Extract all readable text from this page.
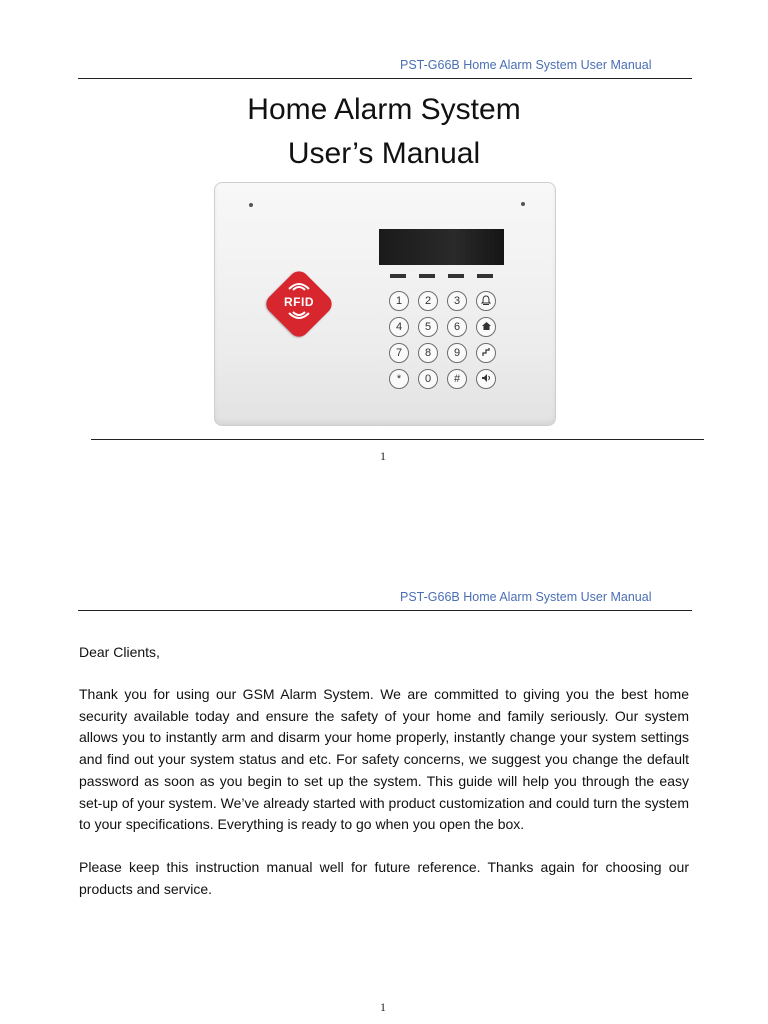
PST-G66B Home Alarm System User Manual
Home Alarm System
User’s Manual
RFID	1	2	3
4	5	6
7	8	9
*	0	#
1
PST-G66B Home Alarm System User Manual
Dear Clients,
Thank you for using our GSM Alarm System. We are committed to giving you the best home security available today and ensure the safety of your home and family seriously. Our system allows you to instantly arm and disarm your home properly, instantly change your system settings and find out your system status and etc. For safety concerns, we suggest you change the default password as soon as you begin to set up the system. This guide will help you through the easy set-up of your system. We’ve already started with product customization and could turn the system to your specifications. Everything is ready to go when you open the box.
Please keep this instruction manual well for future reference. Thanks again for choosing our products and service.
1
